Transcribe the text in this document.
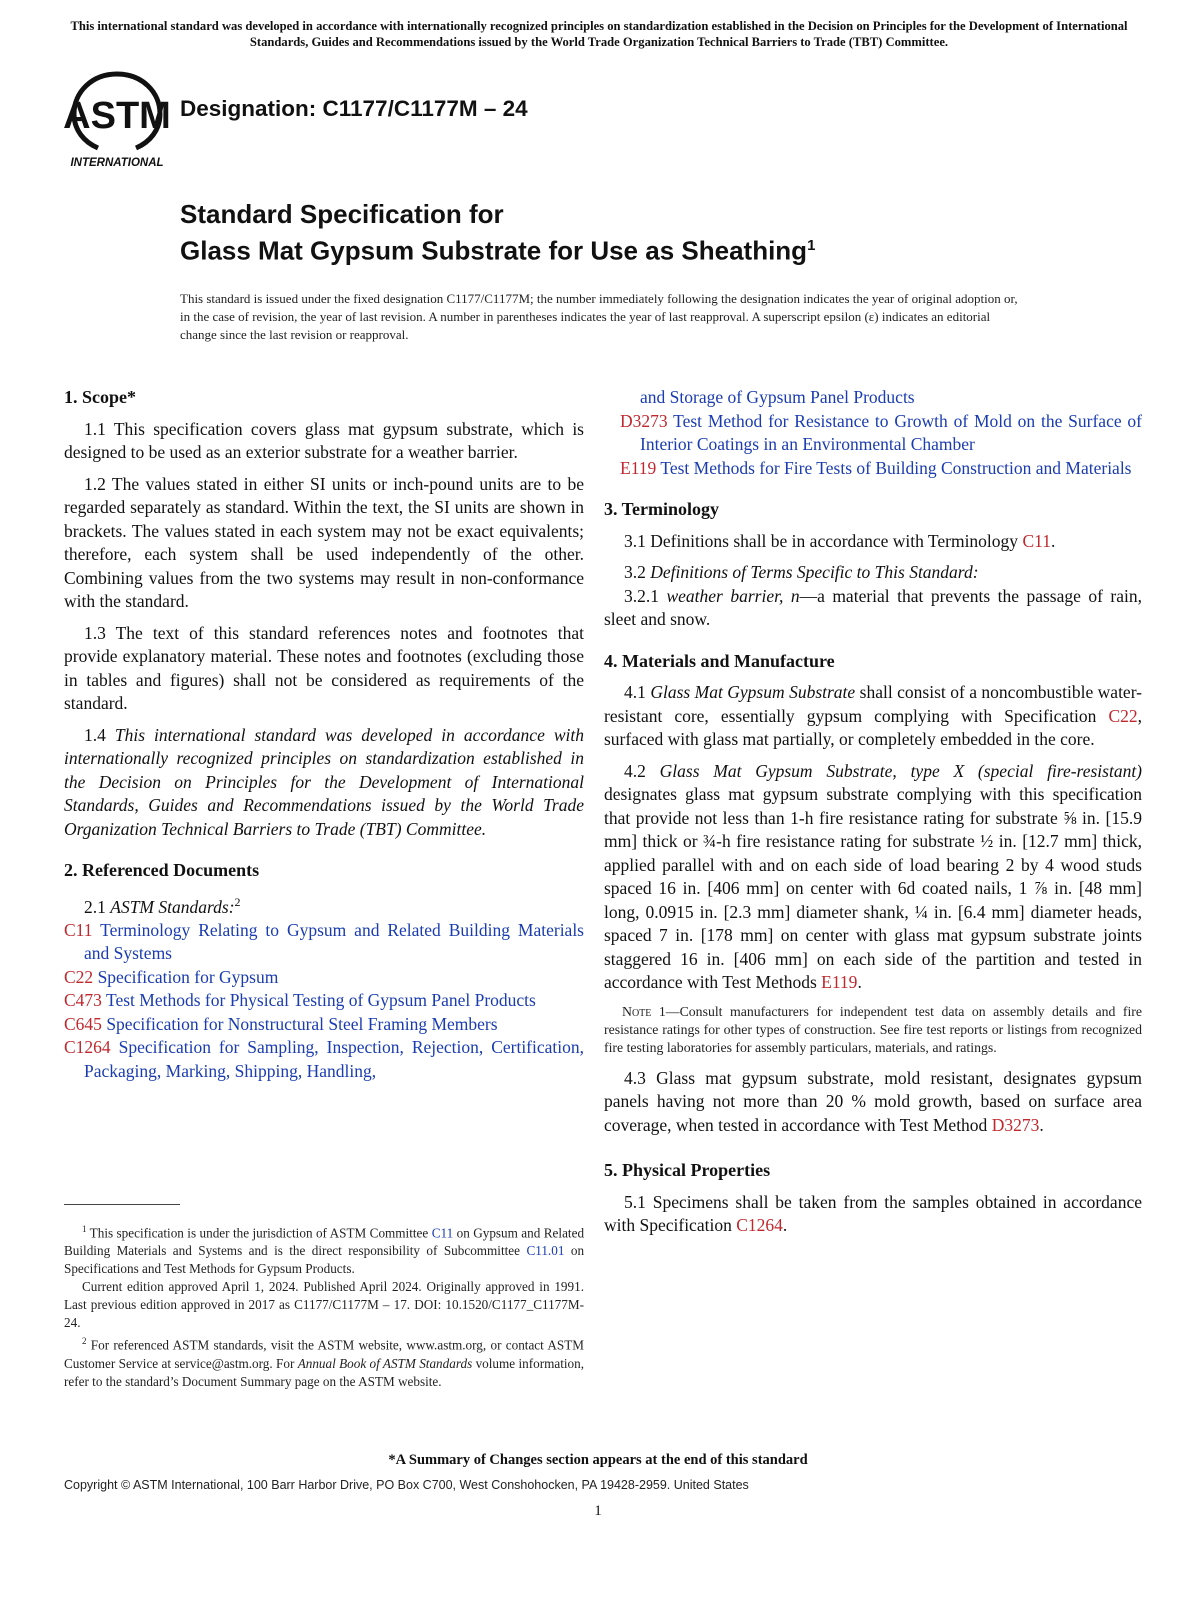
This international standard was developed in accordance with internationally recognized principles on standardization established in the Decision on Principles for the Development of International Standards, Guides and Recommendations issued by the World Trade Organization Technical Barriers to Trade (TBT) Committee.
ASTM
INTERNATIONAL
Designation: C1177/C1177M – 24
Standard Specification for
Glass Mat Gypsum Substrate for Use as Sheathing$^1$
This standard is issued under the fixed designation C1177/C1177M; the number immediately following the designation indicates the year of original adoption or, in the case of revision, the year of last revision. A number in parentheses indicates the year of last reapproval. A superscript epsilon (ε) indicates an editorial change since the last revision or reapproval.
1. Scope*

1.1 This specification covers glass mat gypsum substrate, which is designed to be used as an exterior substrate for a weather barrier.

1.2 The values stated in either SI units or inch-pound units are to be regarded separately as standard. Within the text, the SI units are shown in brackets. The values stated in each system may not be exact equivalents; therefore, each system shall be used independently of the other. Combining values from the two systems may result in non-conformance with the standard.

1.3 The text of this standard references notes and footnotes that provide explanatory material. These notes and footnotes (excluding those in tables and figures) shall not be considered as requirements of the standard.

1.4 This international standard was developed in accordance with internationally recognized principles on standardization established in the Decision on Principles for the Development of International Standards, Guides and Recommendations issued by the World Trade Organization Technical Barriers to Trade (TBT) Committee.

2. Referenced Documents

2.1 ASTM Standards:$^2$

C11 Terminology Relating to Gypsum and Related Building Materials and Systems
C22 Specification for Gypsum
C473 Test Methods for Physical Testing of Gypsum Panel Products
C645 Specification for Nonstructural Steel Framing Members
C1264 Specification for Sampling, Inspection, Rejection, Certification, Packaging, Marking, Shipping, Handling,
and Storage of Gypsum Panel Products
D3273 Test Method for Resistance to Growth of Mold on the Surface of Interior Coatings in an Environmental Chamber
E119 Test Methods for Fire Tests of Building Construction and Materials
3. Terminology

3.1 Definitions shall be in accordance with Terminology C11.

3.2 Definitions of Terms Specific to This Standard:

3.2.1 weather barrier, n—a material that prevents the passage of rain, sleet and snow.

4. Materials and Manufacture

4.1 Glass Mat Gypsum Substrate shall consist of a noncombustible water-resistant core, essentially gypsum complying with Specification C22, surfaced with glass mat partially, or completely embedded in the core.

4.2 Glass Mat Gypsum Substrate, type X (special fire-resistant) designates glass mat gypsum substrate complying with this specification that provide not less than 1-h fire resistance rating for substrate ⅝ in. [15.9 mm] thick or ¾-h fire resistance rating for substrate ½ in. [12.7 mm] thick, applied parallel with and on each side of load bearing 2 by 4 wood studs spaced 16 in. [406 mm] on center with 6d coated nails, 1 ⅞ in. [48 mm] long, 0.0915 in. [2.3 mm] diameter shank, ¼ in. [6.4 mm] diameter heads, spaced 7 in. [178 mm] on center with glass mat gypsum substrate joints staggered 16 in. [406 mm] on each side of the partition and tested in accordance with Test Methods E119.

Note 1—Consult manufacturers for independent test data on assembly details and fire resistance ratings for other types of construction. See fire test reports or listings from recognized fire testing laboratories for assembly particulars, materials, and ratings.

4.3 Glass mat gypsum substrate, mold resistant, designates gypsum panels having not more than 20 % mold growth, based on surface area coverage, when tested in accordance with Test Method D3273.

5. Physical Properties

5.1 Specimens shall be taken from the samples obtained in accordance with Specification C1264.

$^1$ This specification is under the jurisdiction of ASTM Committee C11 on Gypsum and Related Building Materials and Systems and is the direct responsibility of Subcommittee C11.01 on Specifications and Test Methods for Gypsum Products.

Current edition approved April 1, 2024. Published April 2024. Originally approved in 1991. Last previous edition approved in 2017 as C1177/C1177M – 17. DOI: 10.1520/C1177_C1177M-24.

$^2$ For referenced ASTM standards, visit the ASTM website, www.astm.org, or contact ASTM Customer Service at service@astm.org. For Annual Book of ASTM Standards volume information, refer to the standard’s Document Summary page on the ASTM website.

*A Summary of Changes section appears at the end of this standard
Copyright © ASTM International, 100 Barr Harbor Drive, PO Box C700, West Conshohocken, PA 19428-2959. United States
1
